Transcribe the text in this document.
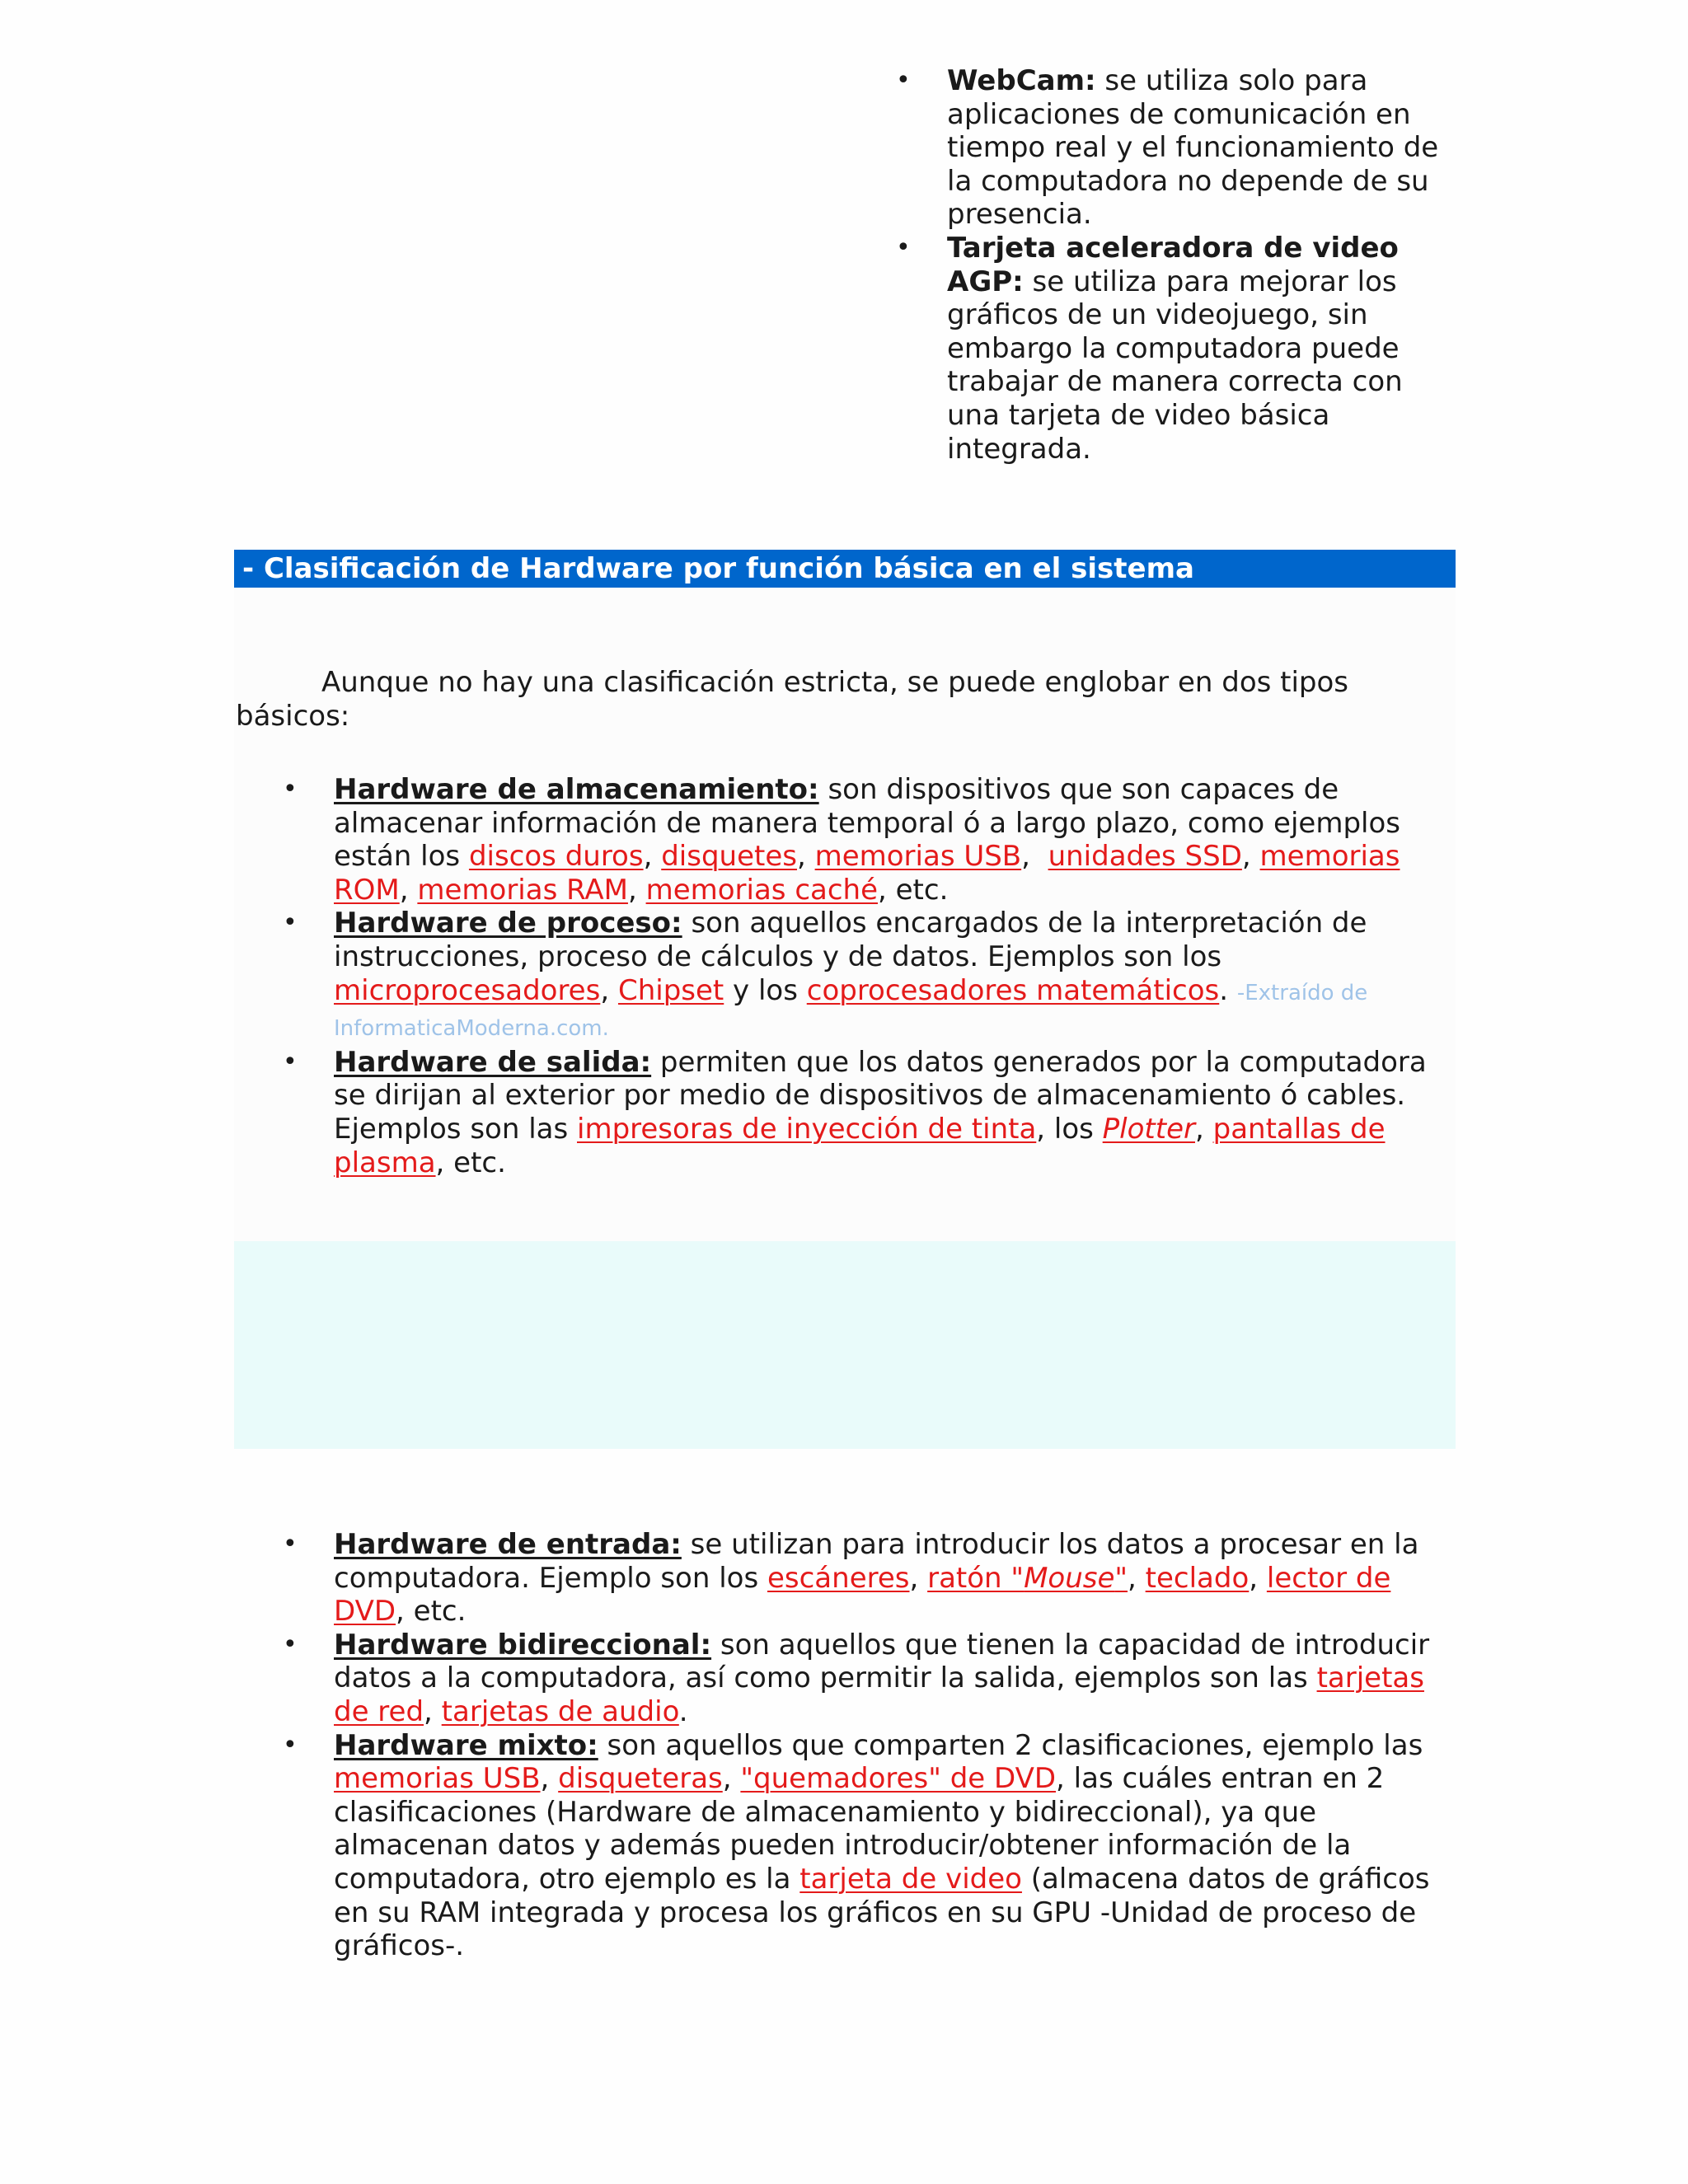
• WebCam: se utiliza solo para aplicaciones de comunicación en tiempo real y el funcionamiento de la computadora no depende de su presencia.
• Tarjeta aceleradora de video AGP: se utiliza para mejorar los gráficos de un videojuego, sin embargo la computadora puede trabajar de manera correcta con una tarjeta de video básica integrada.
- Clasificación de Hardware por función básica en el sistema

Aunque no hay una clasificación estricta, se puede englobar en dos tipos básicos:

• Hardware de almacenamiento: son dispositivos que son capaces de almacenar información de manera temporal ó a largo plazo, como ejemplos están los discos duros, disquetes, memorias USB,  unidades SSD, memorias ROM, memorias RAM, memorias caché, etc.
• Hardware de proceso: son aquellos encargados de la interpretación de instrucciones, proceso de cálculos y de datos. Ejemplos son los microprocesadores, Chipset y los coprocesadores matemáticos. -Extraído de InformaticaModerna.com.
• Hardware de salida: permiten que los datos generados por la computadora se dirijan al exterior por medio de dispositivos de almacenamiento ó cables. Ejemplos son las impresoras de inyección de tinta, los Plotter, pantallas de plasma, etc.
• Hardware de entrada: se utilizan para introducir los datos a procesar en la computadora. Ejemplo son los escáneres, ratón "Mouse", teclado, lector de DVD, etc.
• Hardware bidireccional: son aquellos que tienen la capacidad de introducir datos a la computadora, así como permitir la salida, ejemplos son las tarjetas de red, tarjetas de audio.
• Hardware mixto: son aquellos que comparten 2 clasificaciones, ejemplo las memorias USB, disqueteras, "quemadores" de DVD, las cuáles entran en 2 clasificaciones (Hardware de almacenamiento y bidireccional), ya que almacenan datos y además pueden introducir/obtener información de la computadora, otro ejemplo es la tarjeta de video (almacena datos de gráficos en su RAM integrada y procesa los gráficos en su GPU -Unidad de proceso de gráficos-.
